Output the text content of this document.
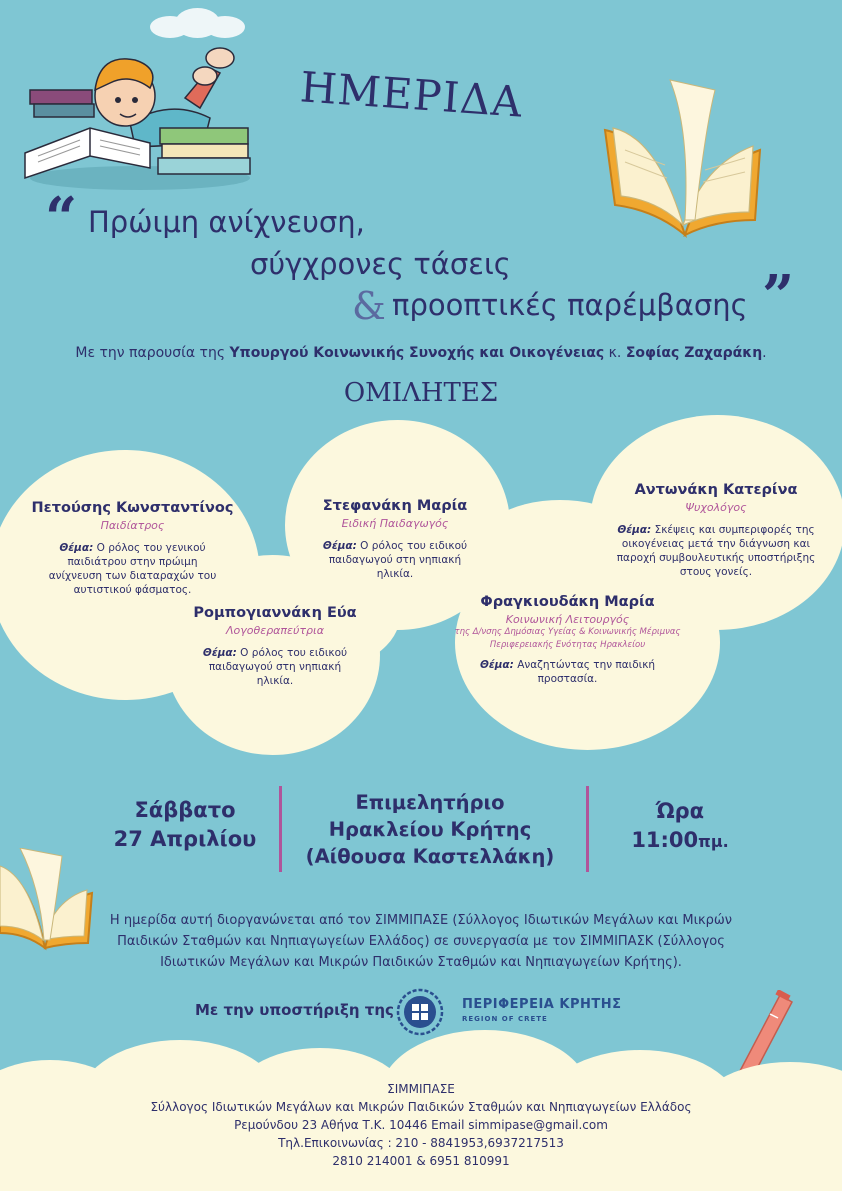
ΗΜΕΡΙΔΑ
“ Πρώιμη ανίχνευση,
σύγχρονες τάσεις
& προοπτικές παρέμβασης ”
Με την παρουσία της Υπουργού Κοινωνικής Συνοχής και Οικογένειας κ. Σοφίας Ζαχαράκη.
ΟΜΙΛΗΤΕΣ
Πετούσης Κωνσταντίνος
Παιδίατρος
Θέμα: Ο ρόλος του γενικού παιδιάτρου στην πρώιμη ανίχνευση των διαταραχών του αυτιστικού φάσματος.
Στεφανάκη Μαρία
Ειδική Παιδαγωγός
Θέμα: Ο ρόλος του ειδικού παιδαγωγού στη νηπιακή ηλικία.
Αντωνάκη Κατερίνα
Ψυχολόγος
Θέμα: Σκέψεις και συμπεριφορές της οικογένειας μετά την διάγνωση και παροχή συμβουλευτικής υποστήριξης στους γονείς.
Ρομπογιαννάκη Εύα
Λογοθεραπεύτρια
Θέμα: Ο ρόλος του ειδικού παιδαγωγού στη νηπιακή ηλικία.
Φραγκιουδάκη Μαρία
Κοινωνική Λειτουργός
της Δ/νσης Δημόσιας Υγείας & Κοινωνικής Μέριμνας
Περιφερειακής Ενότητας Ηρακλείου
Θέμα: Αναζητώντας την παιδική προστασία.
Σάββατο
27 Απριλίου
Επιμελητήριο
Ηρακλείου Κρήτης
(Αίθουσα Καστελλάκη)
Ώρα
11:00πμ.
Η ημερίδα αυτή διοργανώνεται από τον ΣΙΜΜΙΠΑΣΕ (Σύλλογος Ιδιωτικών Μεγάλων και Μικρών Παιδικών Σταθμών και Νηπιαγωγείων Ελλάδος) σε συνεργασία με τον ΣΙΜΜΙΠΑΣΚ (Σύλλογος Ιδιωτικών Μεγάλων και Μικρών Παιδικών Σταθμών και Νηπιαγωγείων Κρήτης).
Με την υποστήριξη της	ΠΕΡΙΦΕΡΕΙΑ ΚΡΗΤΗΣ
REGION OF CRETE
ΣΙΜΜΙΠΑΣΕ
Σύλλογος Ιδιωτικών Μεγάλων και Μικρών Παιδικών Σταθμών και Νηπιαγωγείων Ελλάδος
Ρεμούνδου 23 Αθήνα Τ.Κ. 10446 Email simmipase@gmail.com
Τηλ.Επικοινωνίας : 210 - 8841953,6937217513
2810 214001 & 6951 810991
